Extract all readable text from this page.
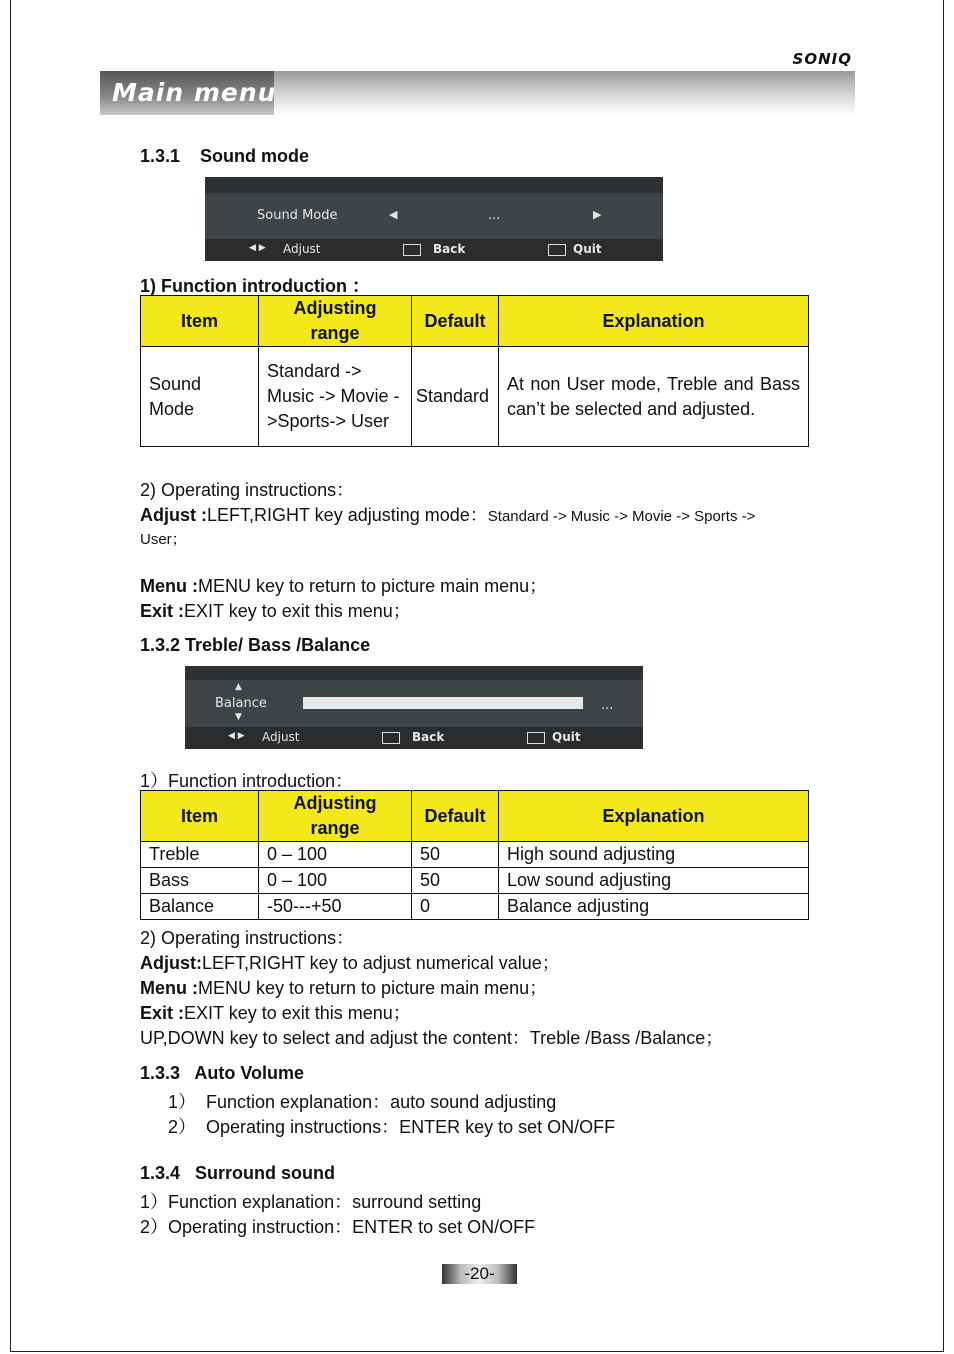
SONIQ
Main menu
1.3.1    Sound mode
Sound Mode	◀	...	▶
◀ ▶ Adjust	Back	Quit
1) Function introduction ：
Item	Adjusting range	Default	Explanation
Sound Mode	Standard -> Music -> Movie ->Sports-> User	Standard	At non User mode, Treble and Bass can’t be selected and adjusted.
2) Operating instructions：
Adjust :LEFT,RIGHT key adjusting mode：Standard -> Music -> Movie -> Sports ->
User；
Menu :MENU key to return to picture main menu；
Exit :EXIT key to exit this menu；
1.3.2 Treble/ Bass /Balance
▲
Balance
▼
...
◀ ▶ Adjust	Back	Quit
1）Function introduction：
Item	Adjusting range	Default	Explanation
Treble	0 – 100	50	High sound adjusting
Bass	0 – 100	50	Low sound adjusting
Balance	-50---+50	0	Balance adjusting
2) Operating instructions：
Adjust:LEFT,RIGHT key to adjust numerical value；
Menu :MENU key to return to picture main menu；
Exit :EXIT key to exit this menu；
UP,DOWN key to select and adjust the content：Treble /Bass /Balance；
1.3.3   Auto Volume
1）  Function explanation：auto sound adjusting
2）  Operating instructions：ENTER key to set ON/OFF
1.3.4   Surround sound
1）Function explanation：surround setting
2）Operating instruction：ENTER to set ON/OFF
-20-
